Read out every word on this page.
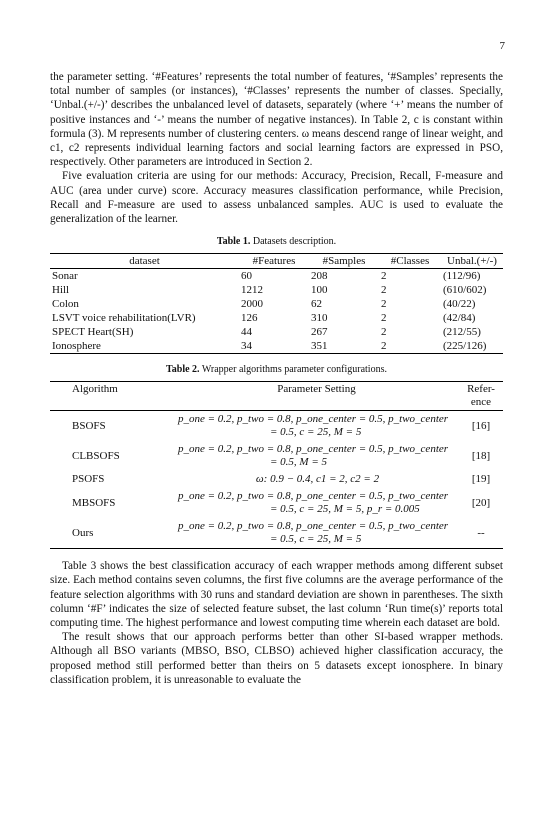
7

the parameter setting. ‘#Features’ represents the total number of features, ‘#Samples’ represents the total number of samples (or instances), ‘#Classes’ represents the number of classes. Specially, ‘Unbal.(+/-)’ describes the unbalanced level of datasets, separately (where ‘+’ means the number of positive instances and ‘-’ means the number of negative instances). In Table 2, c is constant within formula (3). M represents number of clustering centers. ω means descend range of linear weight, and c1, c2 represents individual learning factors and social learning factors are expressed in PSO, respectively. Other parameters are introduced in Section 2.

Five evaluation criteria are using for our methods: Accuracy, Precision, Recall, F-measure and AUC (area under curve) score. Accuracy measures classification performance, while Precision, Recall and F-measure are used to assess unbalanced samples. AUC is used to evaluate the generalization of the learner.

Table 1. Datasets description.
dataset	#Features	#Samples	#Classes	Unbal.(+/-)
Sonar	60	208	2	(112/96)
Hill	1212	100	2	(610/602)
Colon	2000	62	2	(40/22)
LSVT voice rehabilitation(LVR)	126	310	2	(42/84)
SPECT Heart(SH)	44	267	2	(212/55)
Ionosphere	34	351	2	(225/126)
Table 2. Wrapper algorithms parameter configurations.
Algorithm	Parameter Setting	Refer-ence
BSOFS	p_one = 0.2, p_two = 0.8, p_one_center = 0.5, p_two_center
= 0.5, c = 25, M = 5	[16]
CLBSOFS	p_one = 0.2, p_two = 0.8, p_one_center = 0.5, p_two_center
= 0.5, M = 5	[18]
PSOFS	ω: 0.9 − 0.4, c1 = 2, c2 = 2	[19]
MBSOFS	p_one = 0.2, p_two = 0.8, p_one_center = 0.5, p_two_center
= 0.5, c = 25, M = 5, p_r = 0.005	[20]
Ours	p_one = 0.2, p_two = 0.8, p_one_center = 0.5, p_two_center
= 0.5, c = 25, M = 5	--

Table 3 shows the best classification accuracy of each wrapper methods among different subset size. Each method contains seven columns, the first five columns are the average performance of the feature selection algorithms with 30 runs and standard deviation are shown in parentheses. The sixth column ‘#F’ indicates the size of selected feature subset, the last column ‘Run time(s)’ reports total computing time. The highest performance and lowest computing time wherein each dataset are bold.

The result shows that our approach performs better than other SI-based wrapper methods. Although all BSO variants (MBSO, BSO, CLBSO) achieved higher classification accuracy, the proposed method still performed better than theirs on 5 datasets except ionosphere. In binary classification problem, it is unreasonable to evaluate the
